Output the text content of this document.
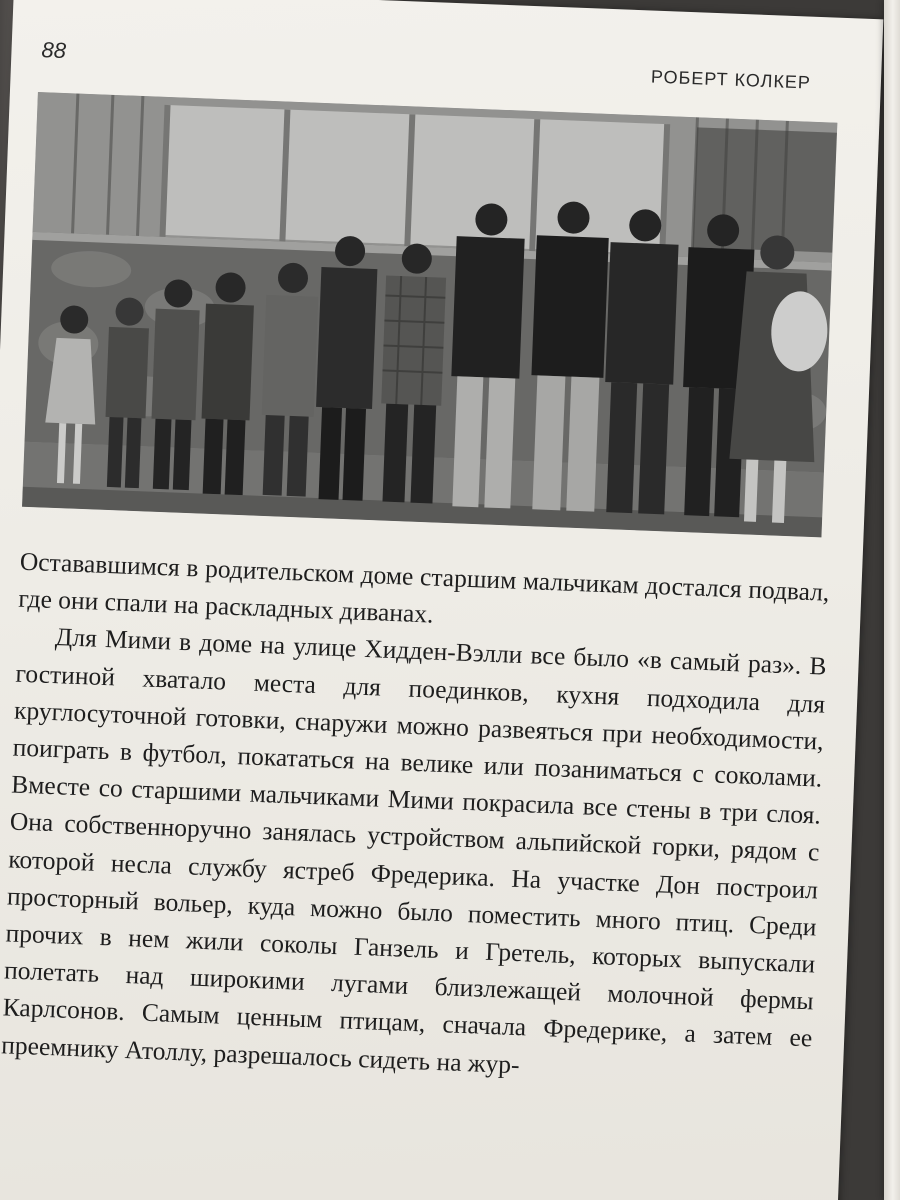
88
РОБЕРТ КОЛКЕР

Остававшимся в родительском доме старшим мальчикам достался подвал, где они спали на раскладных диванах.

Для Мими в доме на улице Хидден-Вэлли все было «в самый раз». В гостиной хватало места для поединков, кухня подходила для круглосуточной готовки, снаружи можно развеяться при необходимости, поиграть в футбол, покататься на велике или позаниматься с соколами. Вместе со старшими мальчиками Мими покрасила все стены в три слоя. Она собственноручно занялась устройством альпийской горки, рядом с которой несла службу ястреб Фредерика. На участке Дон построил просторный вольер, куда можно было поместить много птиц. Среди прочих в нем жили соколы Ганзель и Гретель, которых выпускали полетать над широкими лугами близлежащей молочной фермы Карлсонов. Самым ценным птицам, сначала Фредерике, а затем ее преемнику Атоллу, разрешалось сидеть на жур-
